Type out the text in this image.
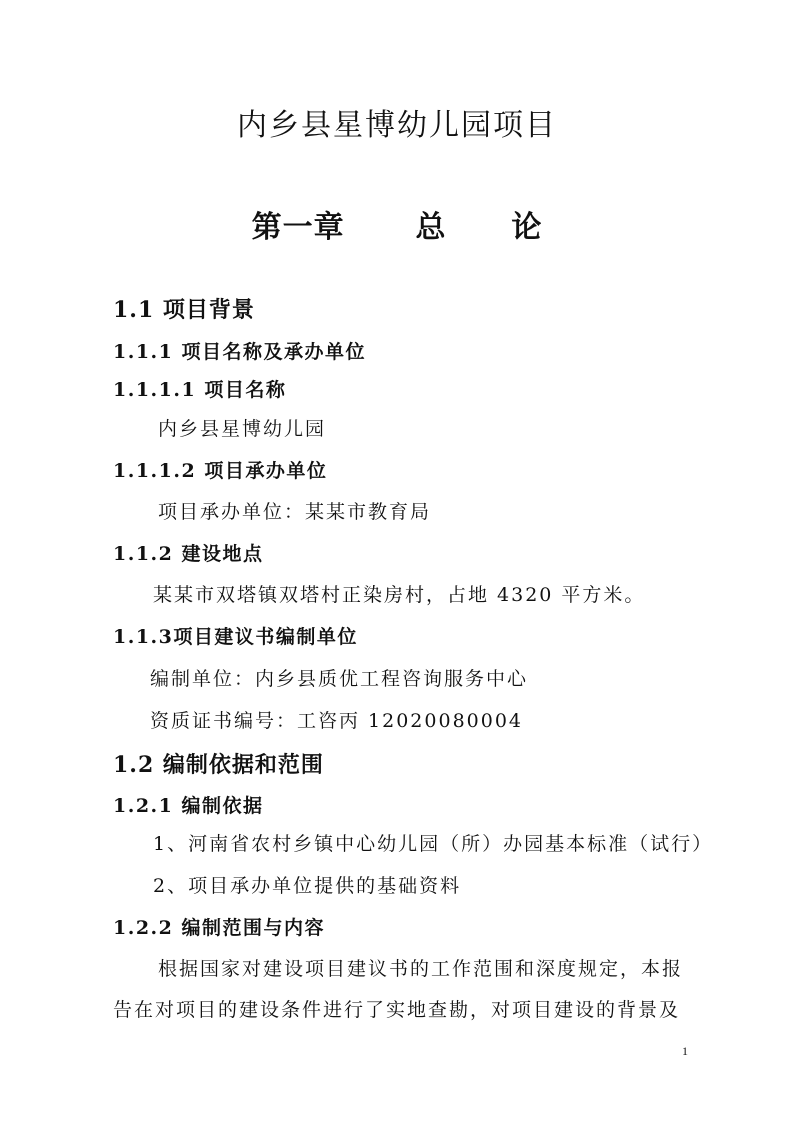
内乡县星博幼儿园项目
第一章 总 论
1.1 项目背景
1.1.1 项目名称及承办单位
1.1.1.1 项目名称
内乡县星博幼儿园
1.1.1.2 项目承办单位
项目承办单位：某某市教育局
1.1.2 建设地点
某某市双塔镇双塔村正染房村，占地 4320 平方米。
1.1.3项目建议书编制单位
编制单位：内乡县质优工程咨询服务中心
资质证书编号：工咨丙 12020080004
1.2 编制依据和范围
1.2.1 编制依据
1、河南省农村乡镇中心幼儿园（所）办园基本标准（试行）
2、项目承办单位提供的基础资料
1.2.2 编制范围与内容
根据国家对建设项目建议书的工作范围和深度规定，本报
告在对项目的建设条件进行了实地查勘，对项目建设的背景及
1
